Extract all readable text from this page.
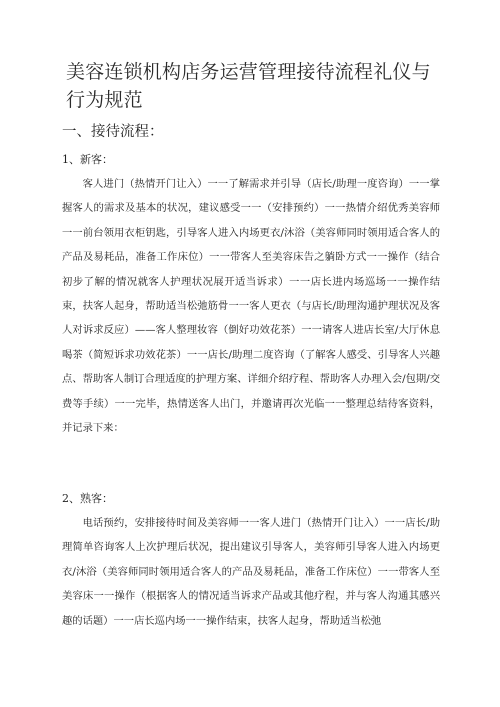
美容连锁机构店务运营管理接待流程礼仪与行为规范
一、接待流程：
1、新客：

客人进门（热情开门让入）一一了解需求并引导（店长/助理一度咨询）一一掌握客人的需求及基本的状况，建议感受一一（安排预约）一一热情介绍优秀美容师一一前台领用衣柜钥匙，引导客人进入内场更衣/沐浴（美容师同时领用适合客人的产品及易耗品，准备工作床位）一一带客人至美容床告之躺卧方式一一操作（结合初步了解的情况就客人护理状况展开适当诉求）一一店长进内场巡场一一操作结束，扶客人起身，帮助适当松弛筋骨一一客人更衣（与店长/助理沟通护理状况及客人对诉求反应）——客人整理妆容（倒好功效花茶）一一请客人进店长室/大厅休息喝茶（简短诉求功效花茶）一一店长/助理二度咨询（了解客人感受、引导客人兴趣点、帮助客人制订合理适度的护理方案、详细介绍疗程、帮助客人办理入会/包期/交费等手续）一一完毕，热情送客人出门，并邀请再次光临一一整理总结待客资料，并记录下来：

2、熟客：

电话预约，安排接待时间及美容师一一客人进门（热情开门让入）一一店长/助理简单咨询客人上次护理后状况，提出建议引导客人，美容师引导客人进入内场更衣/沐浴（美容师同时领用适合客人的产品及易耗品，准备工作床位）一一带客人至美容床一一操作（根据客人的情况适当诉求产品或其他疗程，并与客人沟通其感兴趣的话题）一一店长巡内场一一操作结束，扶客人起身，帮助适当松弛
